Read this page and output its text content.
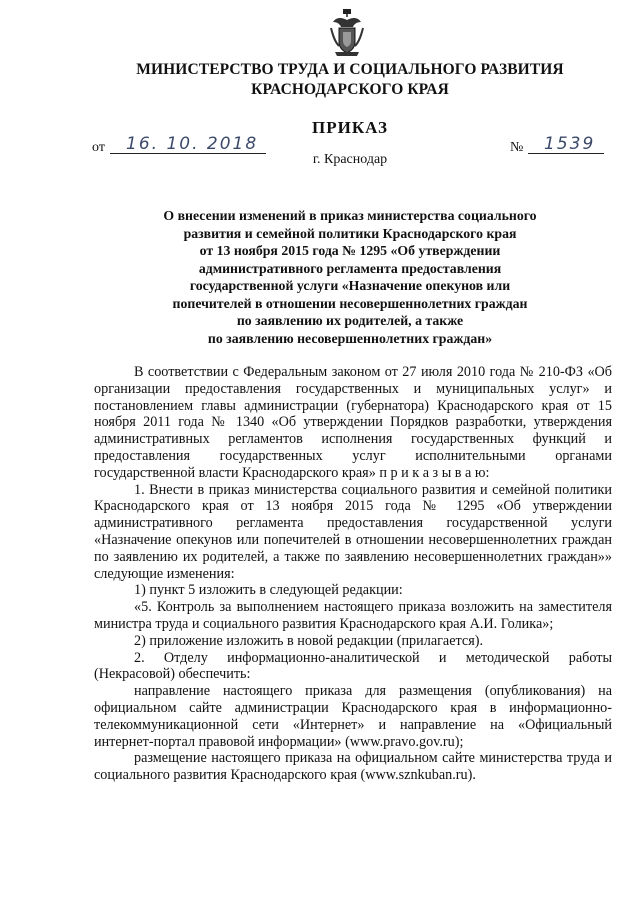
МИНИСТЕРСТВО ТРУДА И СОЦИАЛЬНОГО РАЗВИТИЯ
КРАСНОДАРСКОГО КРАЯ
ПРИКАЗ
от 16. 10. 2018	№ 1539
г. Краснодар
О внесении изменений в приказ министерства социального
развития и семейной политики Краснодарского края
от 13 ноября 2015 года № 1295 «Об утверждении
административного регламента предоставления
государственной услуги «Назначение опекунов или
попечителей в отношении несовершеннолетних граждан
по заявлению их родителей, а также
по заявлению несовершеннолетних граждан»

В соответствии с Федеральным законом от 27 июля 2010 года № 210-ФЗ «Об организации предоставления государственных и муниципальных услуг» и постановлением главы администрации (губернатора) Краснодарского края от 15 ноября 2011 года № 1340 «Об утверждении Порядков разработки, утверждения административных регламентов исполнения государственных функций и предоставления государственных услуг исполнительными органами государственной власти Краснодарского края» п р и к а з ы в а ю:

1. Внести в приказ министерства социального развития и семейной политики Краснодарского края от 13 ноября 2015 года № 1295 «Об утверждении административного регламента предоставления государственной услуги «Назначение опекунов или попечителей в отношении несовершеннолетних граждан по заявлению их родителей, а также по заявлению несовершеннолетних граждан»» следующие изменения:

1) пункт 5 изложить в следующей редакции:

«5. Контроль за выполнением настоящего приказа возложить на заместителя министра труда и социального развития Краснодарского края А.И. Голика»;

2) приложение изложить в новой редакции (прилагается).

2. Отделу информационно-аналитической и методической работы (Некрасовой) обеспечить:

направление настоящего приказа для размещения (опубликования) на официальном сайте администрации Краснодарского края в информационно-телекоммуникационной сети «Интернет» и направление на «Официальный интернет-портал правовой информации» (www.pravo.gov.ru);

размещение настоящего приказа на официальном сайте министерства труда и социального развития Краснодарского края (www.sznkuban.ru).
